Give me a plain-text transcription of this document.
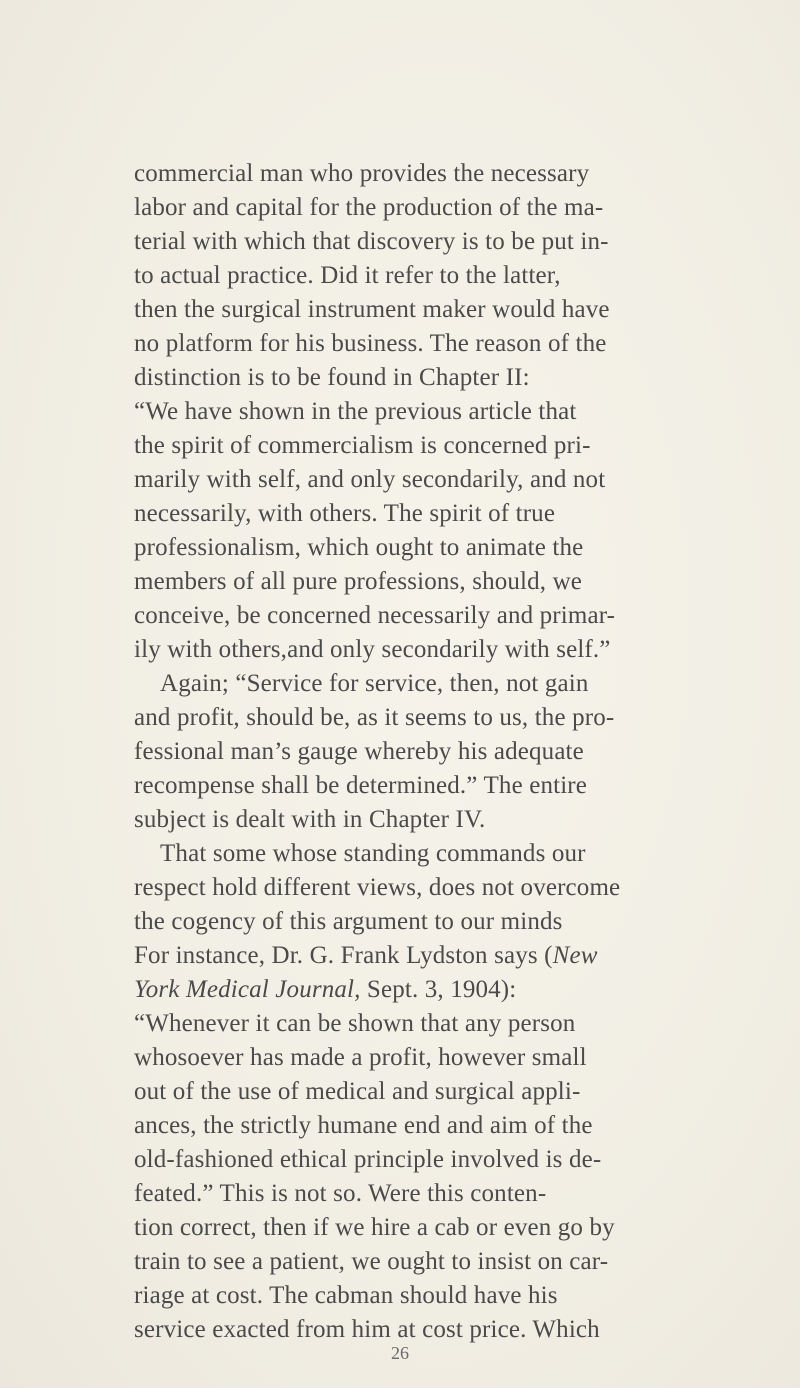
commercial man who provides the necessary
labor and capital for the production of the ma-
terial with which that discovery is to be put in-
to actual practice. Did it refer to the latter,
then the surgical instrument maker would have
no platform for his business. The reason of the
distinction is to be found in Chapter II:
“We have shown in the previous article that
the spirit of commercialism is concerned pri-
marily with self, and only secondarily, and not
necessarily, with others. The spirit of true
professionalism, which ought to animate the
members of all pure professions, should, we
conceive, be concerned necessarily and primar-
ily with others,and only secondarily with self.”
Again; “Service for service, then, not gain
and profit, should be, as it seems to us, the pro-
fessional man’s gauge whereby his adequate
recompense shall be determined.” The entire
subject is dealt with in Chapter IV.
That some whose standing commands our
respect hold different views, does not overcome
the cogency of this argument to our minds
For instance, Dr. G. Frank Lydston says (New
York Medical Journal, Sept. 3, 1904):
“Whenever it can be shown that any person
whosoever has made a profit, however small
out of the use of medical and surgical appli-
ances, the strictly humane end and aim of the
old-fashioned ethical principle involved is de-
feated.” This is not so. Were this conten-
tion correct, then if we hire a cab or even go by
train to see a patient, we ought to insist on car-
riage at cost. The cabman should have his
service exacted from him at cost price. Which
26
